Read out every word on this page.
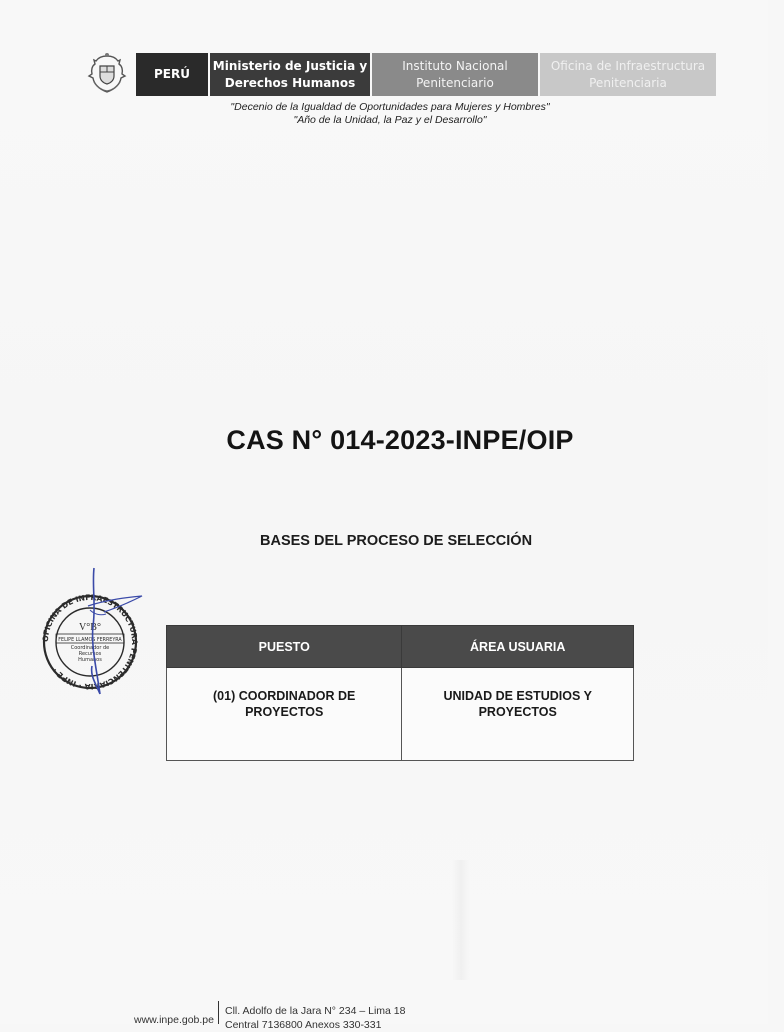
PERÚ
Ministerio de Justicia y
Derechos Humanos
Instituto Nacional
Penitenciario
Oficina de Infraestructura
Penitenciaria
"Decenio de la Igualdad de Oportunidades para Mujeres y Hombres"
"Año de la Unidad, la Paz y el Desarrollo"
CAS N° 014-2023-INPE/OIP
BASES DEL PROCESO DE SELECCIÓN
OFICINA DE INFRAESTRUCTURA PENITENCIARIA · INPE ·
V°B°
FELIPE LLAMOS FERREYRA
Coordinador de
Recursos
Humanos
PUESTO	ÁREA USUARIA
(01) COORDINADOR DE
PROYECTOS	UNIDAD DE ESTUDIOS Y
PROYECTOS
www.inpe.gob.pe
Cll. Adolfo de la Jara N° 234 – Lima 18
Central 7136800 Anexos 330-331
